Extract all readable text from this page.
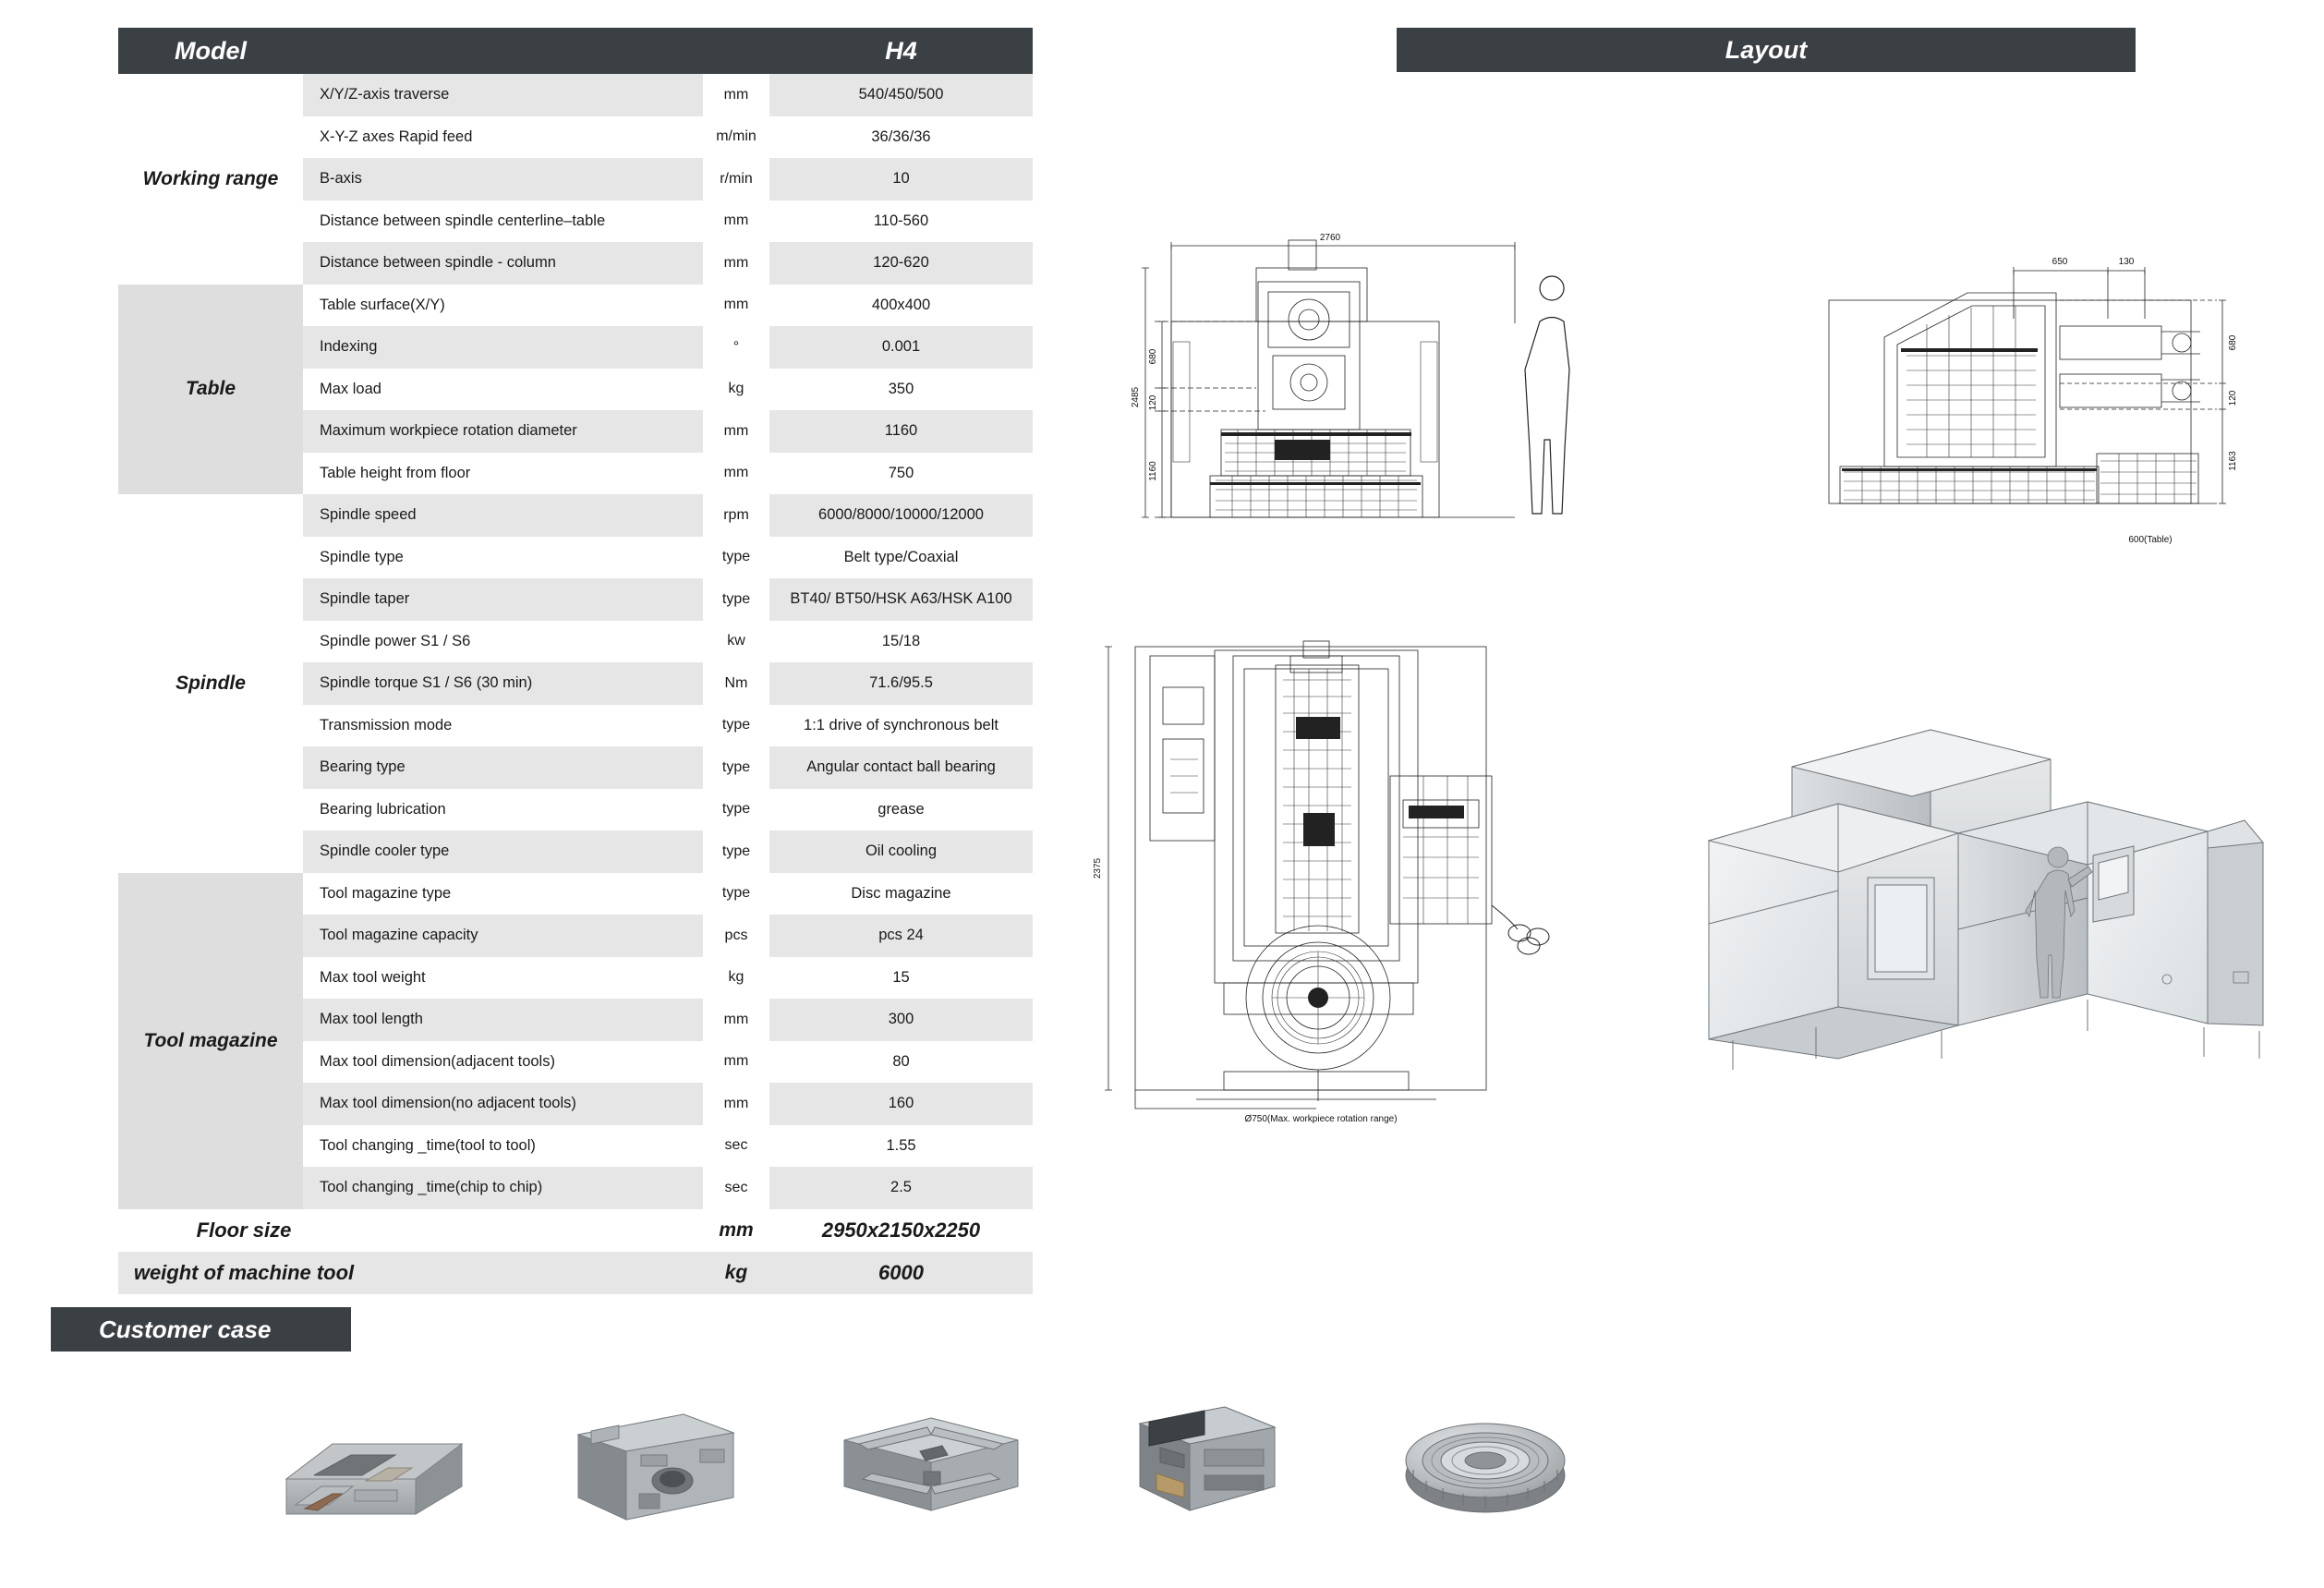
Model	H4
Working range
X/Y/Z-axis traverse	mm	540/450/500
X-Y-Z axes Rapid feed	m/min	36/36/36
B-axis	r/min	10
Distance between spindle centerline–table	mm	110-560
Distance between spindle - column	mm	120-620
Table
Table surface(X/Y)	mm	400x400
Indexing	°	0.001
Max load	kg	350
Maximum workpiece rotation diameter	mm	1160
Table height from floor	mm	750
Spindle
Spindle speed	rpm	6000/8000/10000/12000
Spindle type	type	Belt type/Coaxial
Spindle taper	type	BT40/ BT50/HSK A63/HSK A100
Spindle power S1 / S6	kw	15/18
Spindle torque S1 / S6 (30 min)	Nm	71.6/95.5
Transmission mode	type	1:1 drive of synchronous belt
Bearing type	type	Angular contact ball bearing
Bearing lubrication	type	grease
Spindle cooler type	type	Oil cooling
Tool magazine
Tool magazine type	type	Disc magazine
Tool magazine capacity	pcs	pcs 24
Max tool weight	kg	15
Max tool length	mm	300
Max tool dimension(adjacent tools)	mm	80
Max tool dimension(no adjacent tools)	mm	160
Tool changing _time(tool to tool)	sec	1.55
Tool changing _time(chip to chip)	sec	2.5
Floor size	mm	2950x2150x2250
weight of machine tool	kg	6000
Layout
2760
2485
680
120
1160
650	130
680
120
1163
600(Table)
2375
Ø750(Max. workpiece rotation range)
Customer case
